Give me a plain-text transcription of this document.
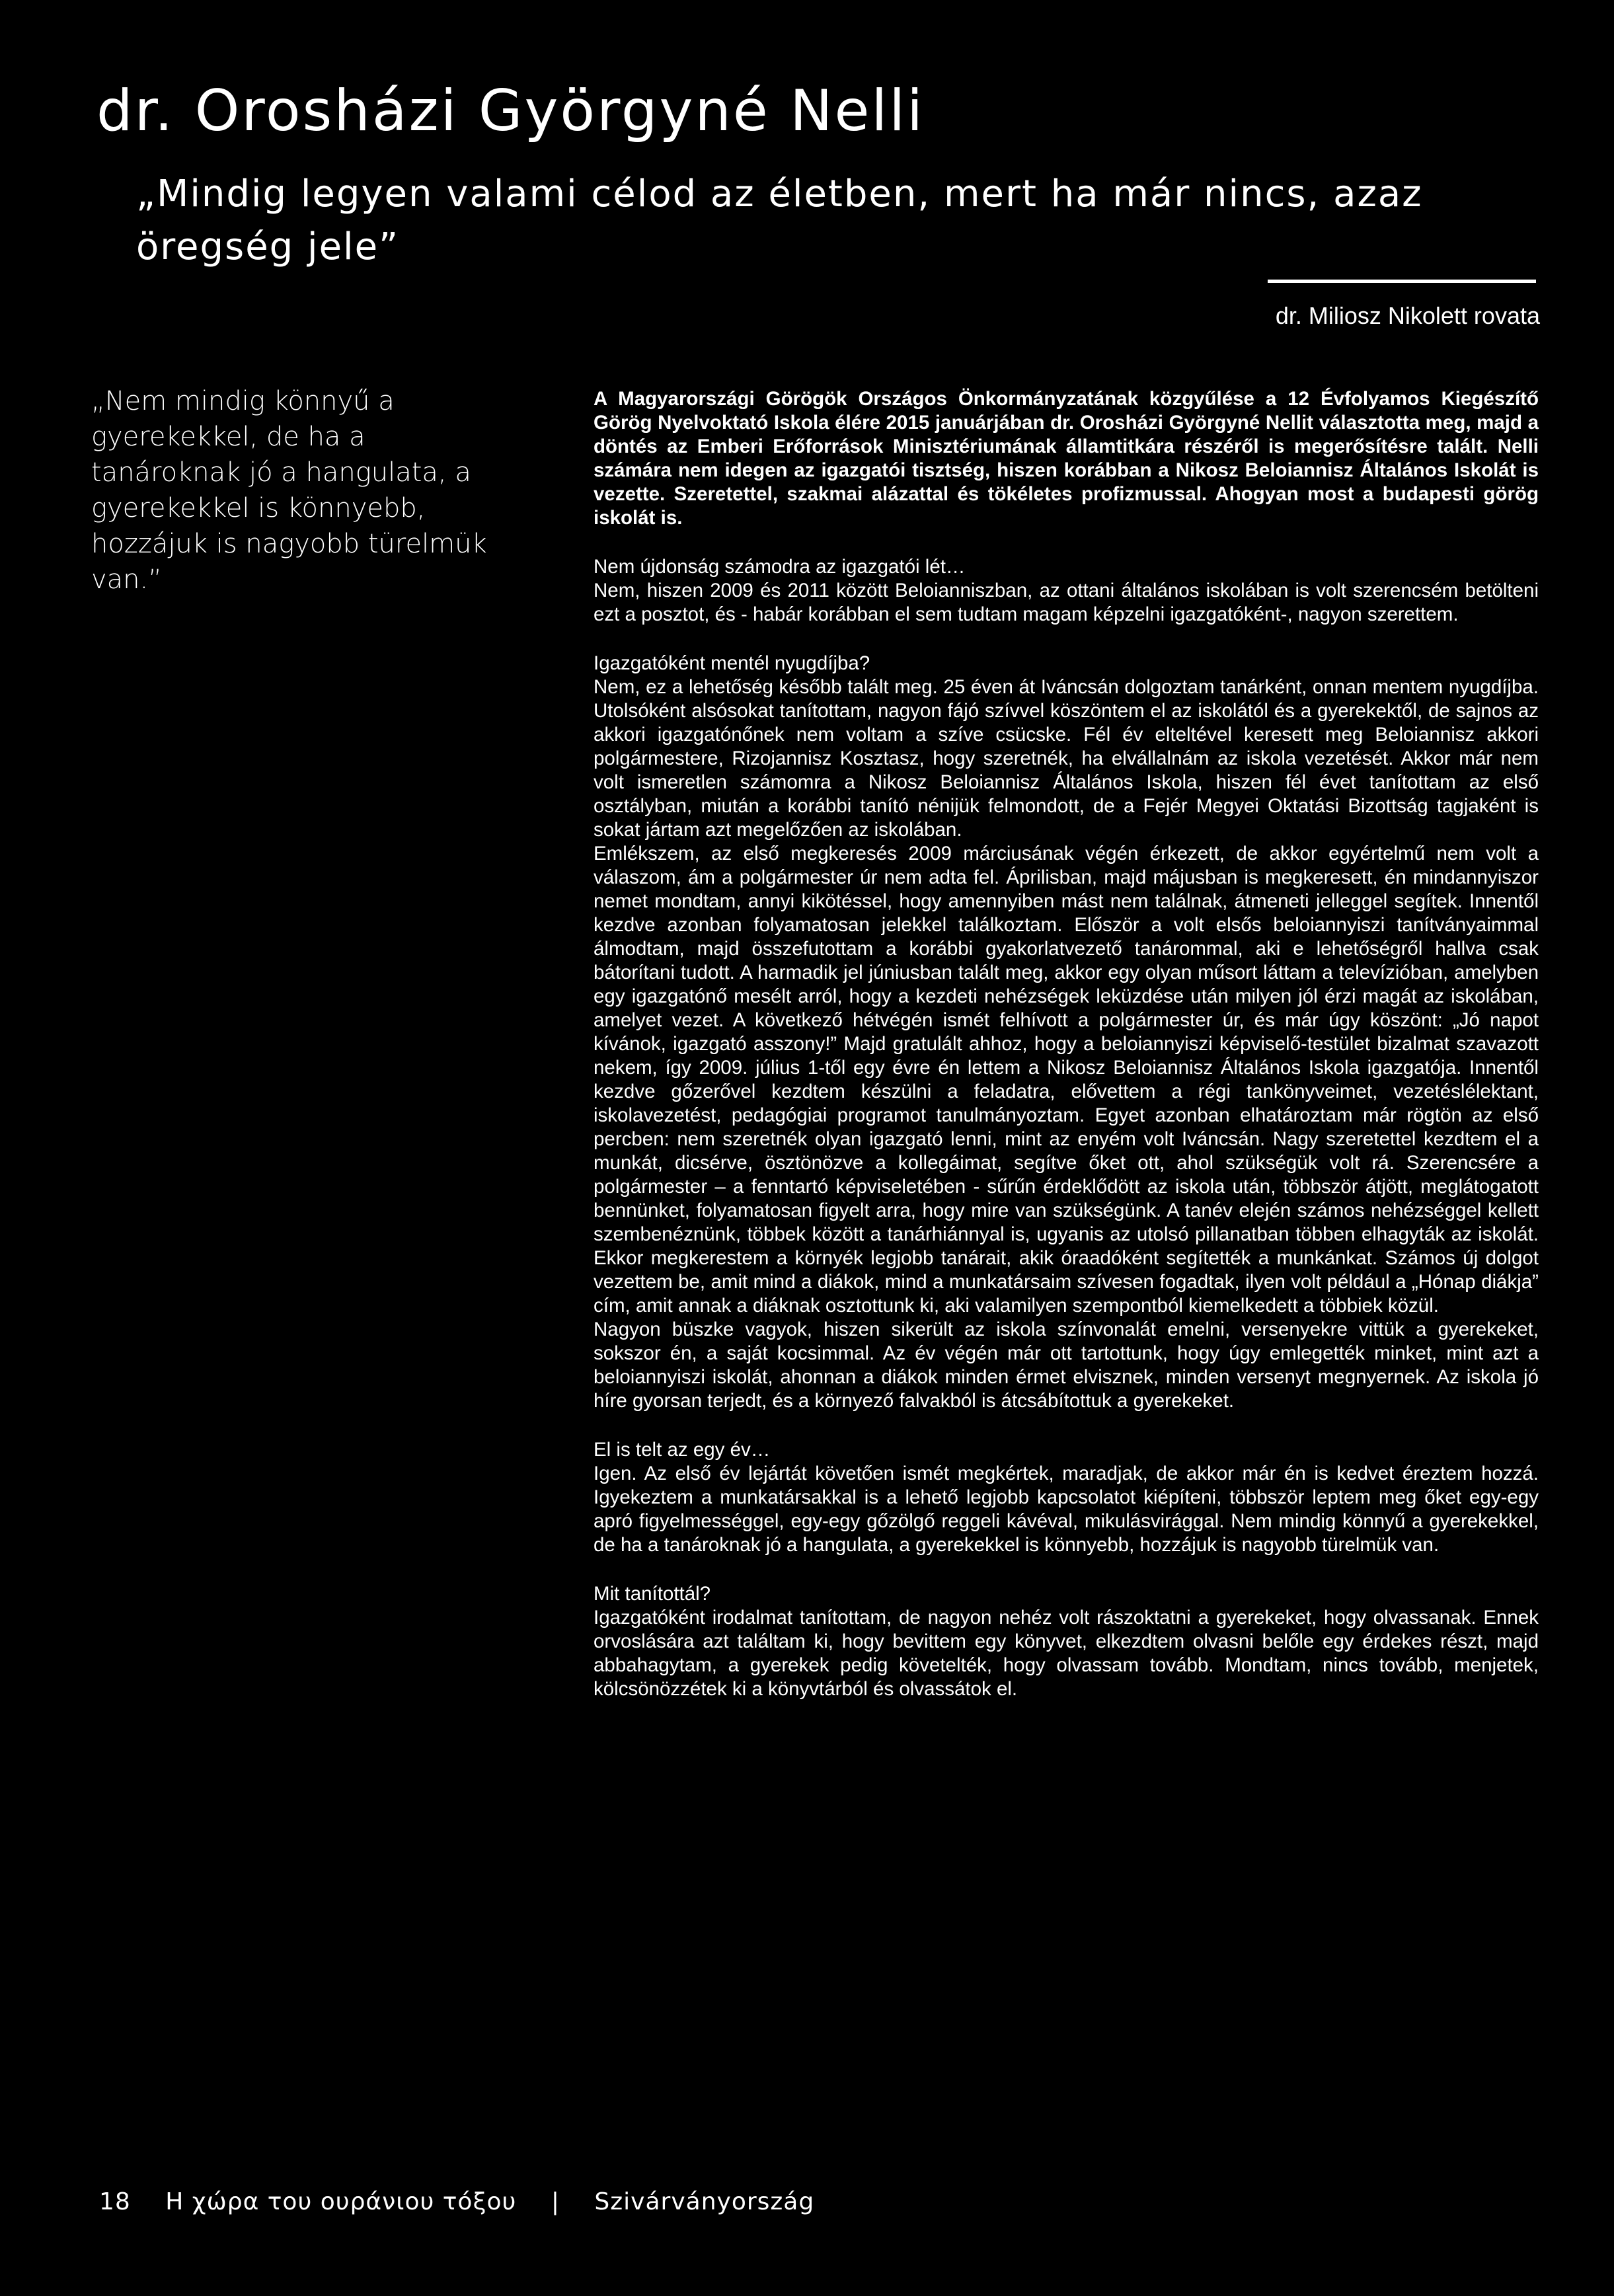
dr. Orosházi Györgyné Nelli
„Mindig legyen valami célod az életben, mert ha már nincs, azaz öregség jele”
dr. Miliosz Nikolett rovata
„Nem mindig könnyű a gyerekekkel, de ha a tanároknak jó a hangulata, a gyerekekkel is könnyebb, hozzájuk is nagyobb türelmük van.”

A Magyarországi Görögök Országos Önkormányzatának közgyűlése a 12 Évfolyamos Kiegészítő Görög Nyelvoktató Iskola élére 2015 januárjában dr. Orosházi Györgyné Nellit választotta meg, majd a döntés az Emberi Erőforrások Minisztériumának államtitkára részéről is megerősítésre talált. Nelli számára nem idegen az igazgatói tisztség, hiszen korábban a Nikosz Beloiannisz Általános Iskolát is vezette. Szeretettel, szakmai alázattal és tökéletes profizmussal. Ahogyan most a budapesti görög iskolát is.

Nem újdonság számodra az igazgatói lét…

Nem, hiszen 2009 és 2011 között Beloianniszban, az ottani általános iskolában is volt szerencsém betölteni ezt a posztot, és - habár korábban el sem tudtam magam képzelni igazgatóként-, nagyon szerettem.

Igazgatóként mentél nyugdíjba?

Nem, ez a lehetőség később talált meg. 25 éven át Iváncsán dolgoztam tanárként, onnan mentem nyugdíjba. Utolsóként alsósokat tanítottam, nagyon fájó szívvel köszöntem el az iskolától és a gyerekektől, de sajnos az akkori igazgatónőnek nem voltam a szíve csücske. Fél év elteltével keresett meg Beloiannisz akkori polgármestere, Rizojannisz Kosztasz, hogy szeretnék, ha elvállalnám az iskola vezetését. Akkor már nem volt ismeretlen számomra a Nikosz Beloiannisz Általános Iskola, hiszen fél évet tanítottam az első osztályban, miután a korábbi tanító nénijük felmondott, de a Fejér Megyei Oktatási Bizottság tagjaként is sokat jártam azt megelőzően az iskolában.

Emlékszem, az első megkeresés 2009 márciusának végén érkezett, de akkor egyértelmű nem volt a válaszom, ám a polgármester úr nem adta fel. Áprilisban, majd májusban is megkeresett, én mindannyiszor nemet mondtam, annyi kikötéssel, hogy amennyiben mást nem találnak, átmeneti jelleggel segítek. Innentől kezdve azonban folyamatosan jelekkel találkoztam. Először a volt elsős beloiannyiszi tanítványaimmal álmodtam, majd összefutottam a korábbi gyakorlatvezető tanárommal, aki e lehetőségről hallva csak bátorítani tudott. A harmadik jel júniusban talált meg, akkor egy olyan műsort láttam a televízióban, amelyben egy igazgatónő mesélt arról, hogy a kezdeti nehézségek leküzdése után milyen jól érzi magát az iskolában, amelyet vezet. A következő hétvégén ismét felhívott a polgármester úr, és már úgy köszönt: „Jó napot kívánok, igazgató asszony!” Majd gratulált ahhoz, hogy a beloiannyiszi képviselő-testület bizalmat szavazott nekem, így 2009. július 1-től egy évre én lettem a Nikosz Beloiannisz Általános Iskola igazgatója. Innentől kezdve gőzerővel kezdtem készülni a feladatra, elővettem a régi tankönyveimet, vezetéslélektant, iskolavezetést, pedagógiai programot tanulmányoztam. Egyet azonban elhatároztam már rögtön az első percben: nem szeretnék olyan igazgató lenni, mint az enyém volt Iváncsán. Nagy szeretettel kezdtem el a munkát, dicsérve, ösztönözve a kollegáimat, segítve őket ott, ahol szükségük volt rá. Szerencsére a polgármester – a fenntartó képviseletében - sűrűn érdeklődött az iskola után, többször átjött, meglátogatott bennünket, folyamatosan figyelt arra, hogy mire van szükségünk. A tanév elején számos nehézséggel kellett szembenéznünk, többek között a tanárhiánnyal is, ugyanis az utolsó pillanatban többen elhagyták az iskolát. Ekkor megkerestem a környék legjobb tanárait, akik óraadóként segítették a munkánkat. Számos új dolgot vezettem be, amit mind a diákok, mind a munkatársaim szívesen fogadtak, ilyen volt például a „Hónap diákja” cím, amit annak a diáknak osztottunk ki, aki valamilyen szempontból kiemelkedett a többiek közül.

Nagyon büszke vagyok, hiszen sikerült az iskola színvonalát emelni, versenyekre vittük a gyerekeket, sokszor én, a saját kocsimmal. Az év végén már ott tartottunk, hogy úgy emlegették minket, mint azt a beloiannyiszi iskolát, ahonnan a diákok minden érmet elvisznek, minden versenyt megnyernek. Az iskola jó híre gyorsan terjedt, és a környező falvakból is átcsábítottuk a gyerekeket.

El is telt az egy év…

Igen. Az első év lejártát követően ismét megkértek, maradjak, de akkor már én is kedvet éreztem hozzá. Igyekeztem a munkatársakkal is a lehető legjobb kapcsolatot kiépíteni, többször leptem meg őket egy-egy apró figyelmességgel, egy-egy gőzölgő reggeli kávéval, mikulásvirággal. Nem mindig könnyű a gyerekekkel, de ha a tanároknak jó a hangulata, a gyerekekkel is könnyebb, hozzájuk is nagyobb türelmük van.

Mit tanítottál?

Igazgatóként irodalmat tanítottam, de nagyon nehéz volt rászoktatni a gyerekeket, hogy olvassanak. Ennek orvoslására azt találtam ki, hogy bevittem egy könyvet, elkezdtem olvasni belőle egy érdekes részt, majd abbahagytam, a gyerekek pedig követelték, hogy olvassam tovább. Mondtam, nincs tovább, menjetek, kölcsönözzétek ki a könyvtárból és olvassátok el.

18 Η χώρα του ουράνιου τόξου | Szivárványország
